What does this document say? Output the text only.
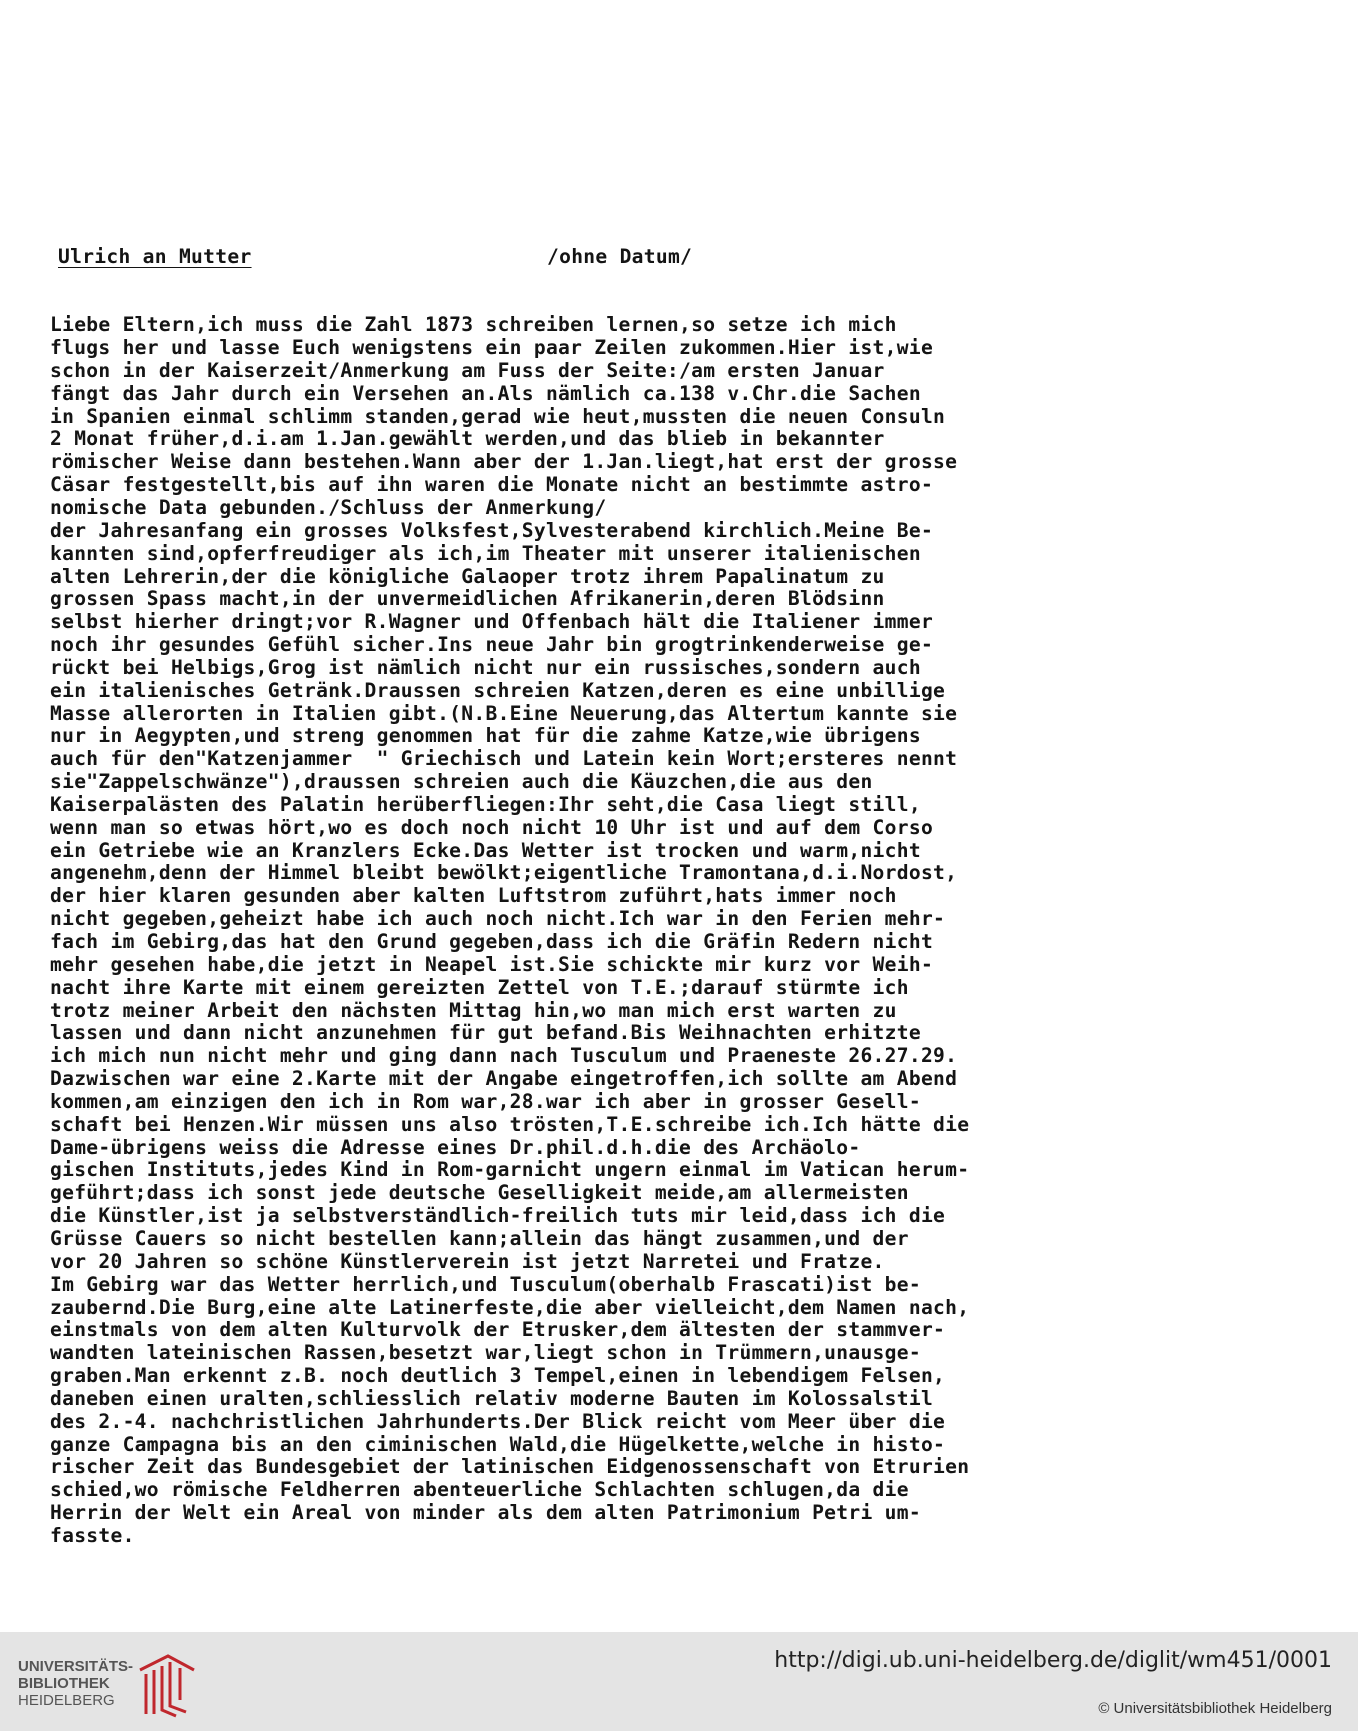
Ulrich an Mutter

	/ohne Datum/

Liebe Eltern,ich muss die Zahl 1873 schreiben lernen,so setze ich mich
flugs her und lasse Euch wenigstens ein paar Zeilen zukommen.Hier ist,wie
schon in der Kaiserzeit/Anmerkung am Fuss der Seite:/am ersten Januar
fängt das Jahr durch ein Versehen an.Als nämlich ca.138 v.Chr.die Sachen
in Spanien einmal schlimm standen,gerad wie heut,mussten die neuen Consuln
2 Monat früher,d.i.am 1.Jan.gewählt werden,und das blieb in bekannter
römischer Weise dann bestehen.Wann aber der 1.Jan.liegt,hat erst der grosse
Cäsar festgestellt,bis auf ihn waren die Monate nicht an bestimmte astro-
nomische Data gebunden./Schluss der Anmerkung/
der Jahresanfang ein grosses Volksfest,Sylvesterabend kirchlich.Meine Be-
kannten sind,opferfreudiger als ich,im Theater mit unserer italienischen
alten Lehrerin,der die königliche Galaoper trotz ihrem Papalinatum zu
grossen Spass macht,in der unvermeidlichen Afrikanerin,deren Blödsinn
selbst hierher dringt;vor R.Wagner und Offenbach hält die Italiener immer
noch ihr gesundes Gefühl sicher.Ins neue Jahr bin grogtrinkenderweise ge-
rückt bei Helbigs,Grog ist nämlich nicht nur ein russisches,sondern auch
ein italienisches Getränk.Draussen schreien Katzen,deren es eine unbillige
Masse allerorten in Italien gibt.(N.B.Eine Neuerung,das Altertum kannte sie
nur in Aegypten,und streng genommen hat für die zahme Katze,wie übrigens
auch für den"Katzenjammer  " Griechisch und Latein kein Wort;ersteres nennt
sie"Zappelschwänze"),draussen schreien auch die Käuzchen,die aus den
Kaiserpalästen des Palatin herüberfliegen:Ihr seht,die Casa liegt still,
wenn man so etwas hört,wo es doch noch nicht 10 Uhr ist und auf dem Corso
ein Getriebe wie an Kranzlers Ecke.Das Wetter ist trocken und warm,nicht
angenehm,denn der Himmel bleibt bewölkt;eigentliche Tramontana,d.i.Nordost,
der hier klaren gesunden aber kalten Luftstrom zuführt,hats immer noch
nicht gegeben,geheizt habe ich auch noch nicht.Ich war in den Ferien mehr-
fach im Gebirg,das hat den Grund gegeben,dass ich die Gräfin Redern nicht
mehr gesehen habe,die jetzt in Neapel ist.Sie schickte mir kurz vor Weih-
nacht ihre Karte mit einem gereizten Zettel von T.E.;darauf stürmte ich
trotz meiner Arbeit den nächsten Mittag hin,wo man mich erst warten zu
lassen und dann nicht anzunehmen für gut befand.Bis Weihnachten erhitzte
ich mich nun nicht mehr und ging dann nach Tusculum und Praeneste 26.27.29.
Dazwischen war eine 2.Karte mit der Angabe eingetroffen,ich sollte am Abend
kommen,am einzigen den ich in Rom war,28.war ich aber in grosser Gesell-
schaft bei Henzen.Wir müssen uns also trösten,T.E.schreibe ich.Ich hätte die
Dame-übrigens weiss die Adresse eines Dr.phil.d.h.die des Archäolo-
gischen Instituts,jedes Kind in Rom-garnicht ungern einmal im Vatican herum-
geführt;dass ich sonst jede deutsche Geselligkeit meide,am allermeisten
die Künstler,ist ja selbstverständlich-freilich tuts mir leid,dass ich die
Grüsse Cauers so nicht bestellen kann;allein das hängt zusammen,und der
vor 20 Jahren so schöne Künstlerverein ist jetzt Narretei und Fratze.
Im Gebirg war das Wetter herrlich,und Tusculum(oberhalb Frascati)ist be-
zaubernd.Die Burg,eine alte Latinerfeste,die aber vielleicht,dem Namen nach,
einstmals von dem alten Kulturvolk der Etrusker,dem ältesten der stammver-
wandten lateinischen Rassen,besetzt war,liegt schon in Trümmern,unausge-
graben.Man erkennt z.B. noch deutlich 3 Tempel,einen in lebendigem Felsen,
daneben einen uralten,schliesslich relativ moderne Bauten im Kolossalstil
des 2.-4. nachchristlichen Jahrhunderts.Der Blick reicht vom Meer über die
ganze Campagna bis an den ciminischen Wald,die Hügelkette,welche in histo-
rischer Zeit das Bundesgebiet der latinischen Eidgenossenschaft von Etrurien
schied,wo römische Feldherren abenteuerliche Schlachten schlugen,da die
Herrin der Welt ein Areal von minder als dem alten Patrimonium Petri um-
fasste.

UNIVERSITÄTS-
BIBLIOTHEK
HEIDELBERG
http://digi.ub.uni-heidelberg.de/diglit/wm451/0001
© Universitätsbibliothek Heidelberg
